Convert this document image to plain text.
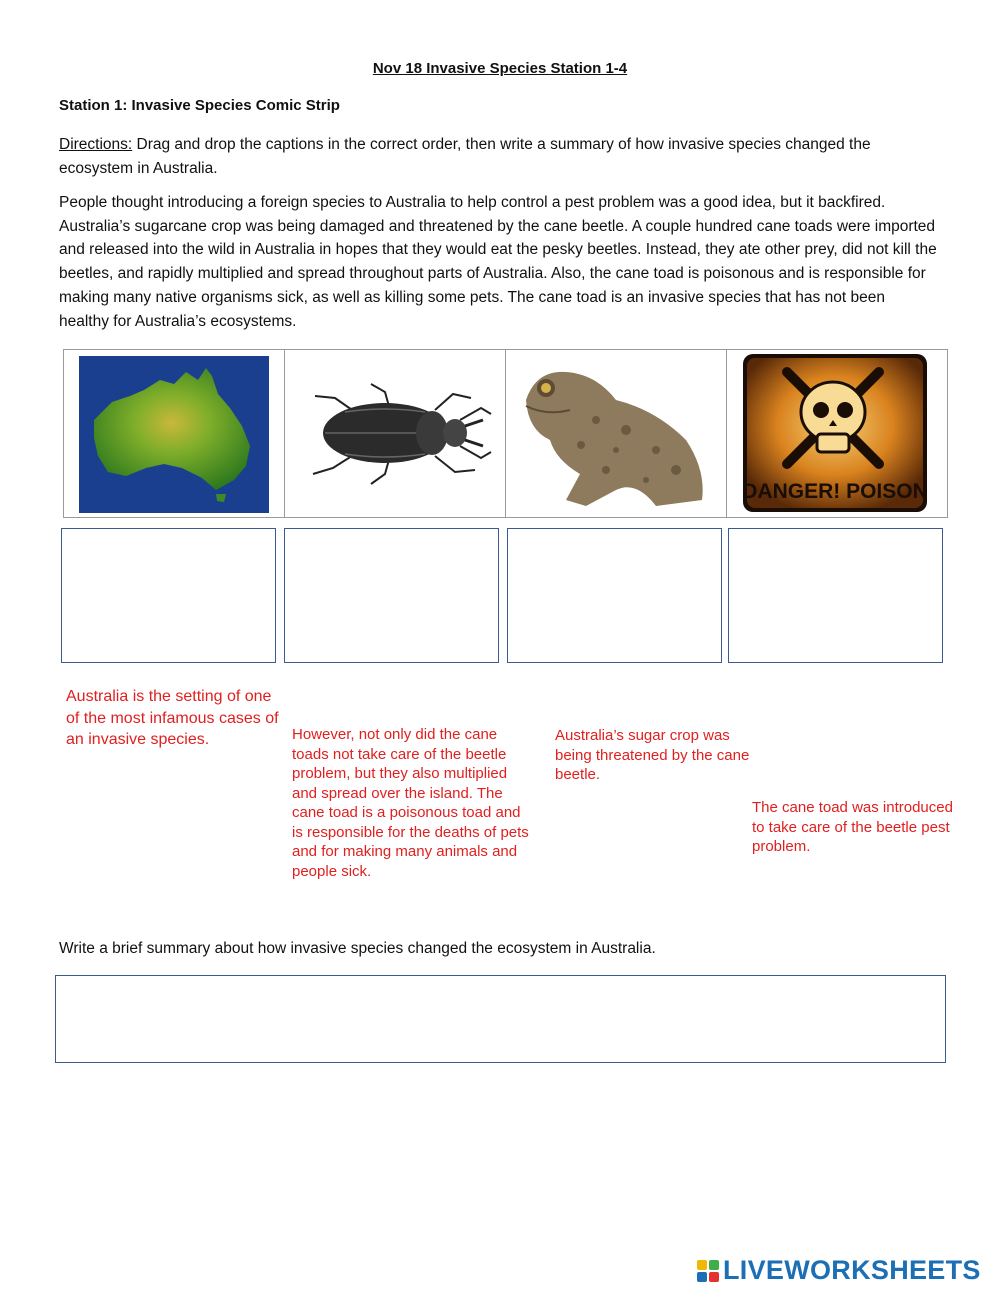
Nov 18 Invasive Species Station 1-4
Station 1: Invasive Species Comic Strip
Directions: Drag and drop the captions in the correct order, then write a summary of how invasive species changed the ecosystem in Australia.
People thought introducing a foreign species to Australia to help control a pest problem was a good idea, but it backfired. Australia’s sugarcane crop was being damaged and threatened by the cane beetle. A couple hundred cane toads were imported and released into the wild in Australia in hopes that they would eat the pesky beetles. Instead, they ate other prey, did not kill the beetles, and rapidly multiplied and spread throughout parts of Australia. Also, the cane toad is poisonous and is responsible for making many native organisms sick, as well as killing some pets. The cane toad is an invasive species that has not been healthy for Australia’s ecosystems.
DANGER! POISON
Australia is the setting of one of the most infamous cases of an invasive species.	However, not only did the cane toads not take care of the beetle problem, but they also multiplied and spread over the island. The cane toad is a poisonous toad and is responsible for the deaths of pets and for making many animals and people sick.
Australia’s sugar crop was being threatened by the cane beetle.
The cane toad was introduced to take care of the beetle pest problem.
Write a brief summary about how invasive species changed the ecosystem in Australia.
LIVEWORKSHEETS
